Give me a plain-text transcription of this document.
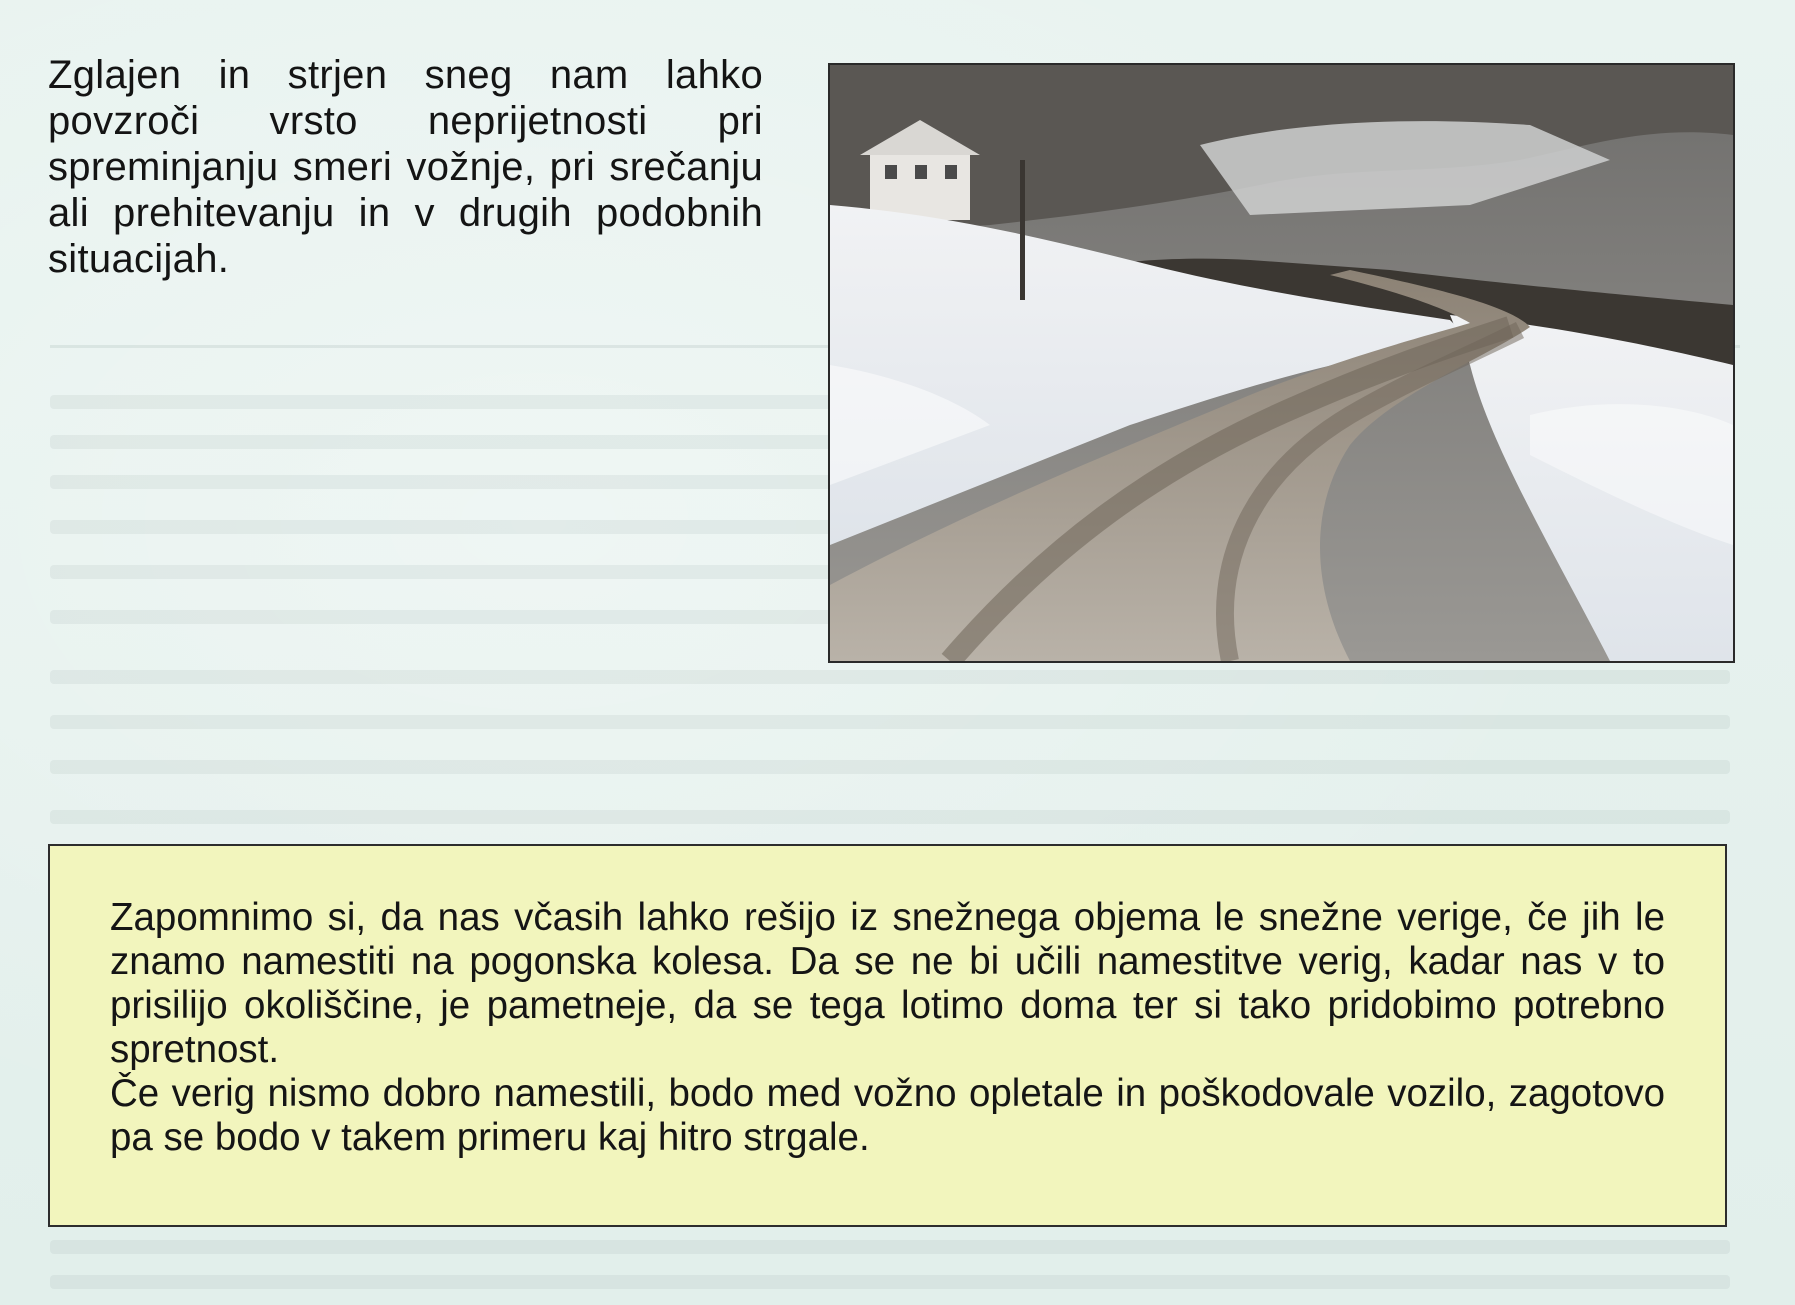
Zglajen in strjen sneg nam lahko povzroči vrsto neprijetnosti pri spreminjanju smeri vožnje, pri srečanju ali prehitevanju in v drugih podobnih situacijah.

Zapomnimo si, da nas včasih lahko rešijo iz snežnega objema le snežne verige, če jih le znamo namestiti na pogonska kolesa. Da se ne bi učili namestitve verig, kadar nas v to prisilijo okoliščine, je pametneje, da se tega lotimo doma ter si tako pridobimo potrebno spretnost.

Če verig nismo dobro namestili, bodo med vožno opletale in poškodovale vozilo, zagotovo pa se bodo v takem primeru kaj hitro strgale.
